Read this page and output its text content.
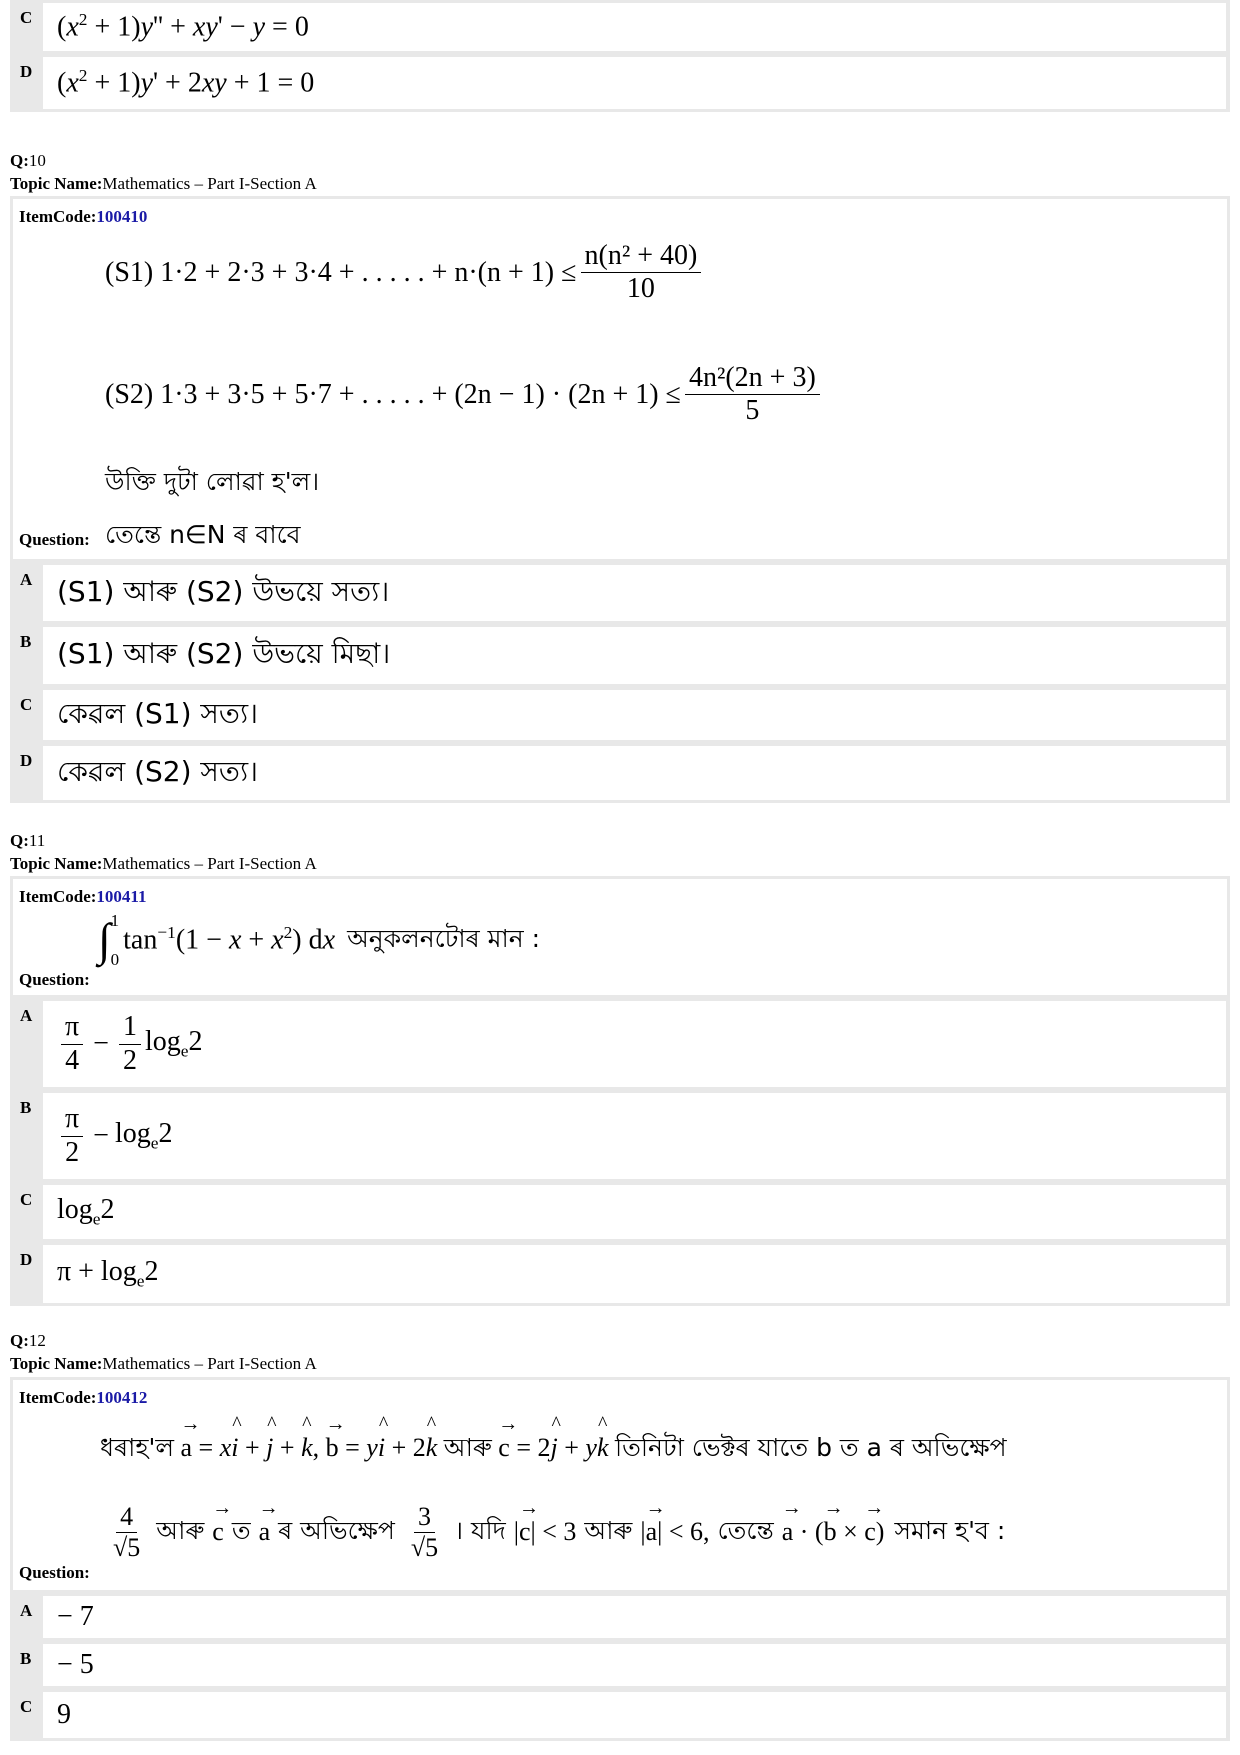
C $(x^2 + 1)y'' + xy' - y = 0$
D $(x^2 + 1)y' + 2xy + 1 = 0$
Q:10
Topic Name:Mathematics – Part I-Section A
ItemCode:100410
(S1) 1·2 + 2·3 + 3·4 + . . . . . + $n\cdot(n + 1) \le \frac{\text{n(n² + 40)}}{10}$
(S2) 1·3 + 3·5 + 5·7 + . . . . . + $(2n - 1) \cdot (2n + 1) \le \frac{\text{4n²(2n + 3)}}{5}$
উক্তি দুটা লোৱা হ'ল।
Question: তেন্তে n∈N ৰ বাবে
A (S1) আৰু (S2) উভয়ে সত্য।
B (S1) আৰু (S2) উভয়ে মিছা।
C কেৱল (S1) সত্য।
D কেৱল (S2) সত্য।
Q:11
Topic Name:Mathematics – Part I-Section A
ItemCode:100411
Question:
∫ 1
0
$\tan^{-1}(1 - x + x^2)$ dx অনুকলনটোৰ মান :
A	$\frac{\pi}{4} - \frac{1}{2} \log_e2$
B	$\frac{\pi}{2} - \log_e2$
C $\log_e2$
D $\pi + \log_e2$
Q:12
Topic Name:Mathematics – Part I-Section A
ItemCode:100412
ধৰাহ'ল → a = x^ i + ^ j + ^ k, → b = y^ i + 2^ k আৰু → c = 2^ j + y^ k তিনিটা ভেক্টৰ যাতে b ত a ৰ অভিক্ষেপ
Question:
$\frac{4}{√5}$ আৰু → c ত → a ৰ অভিক্ষেপ $\frac{3}{√5}$ । যদি |→ c| < 3 আৰু |→ a| < 6, তেন্তে → a · (→ b × → c) সমান হ'ব :
A − 7
B − 5
C 9
